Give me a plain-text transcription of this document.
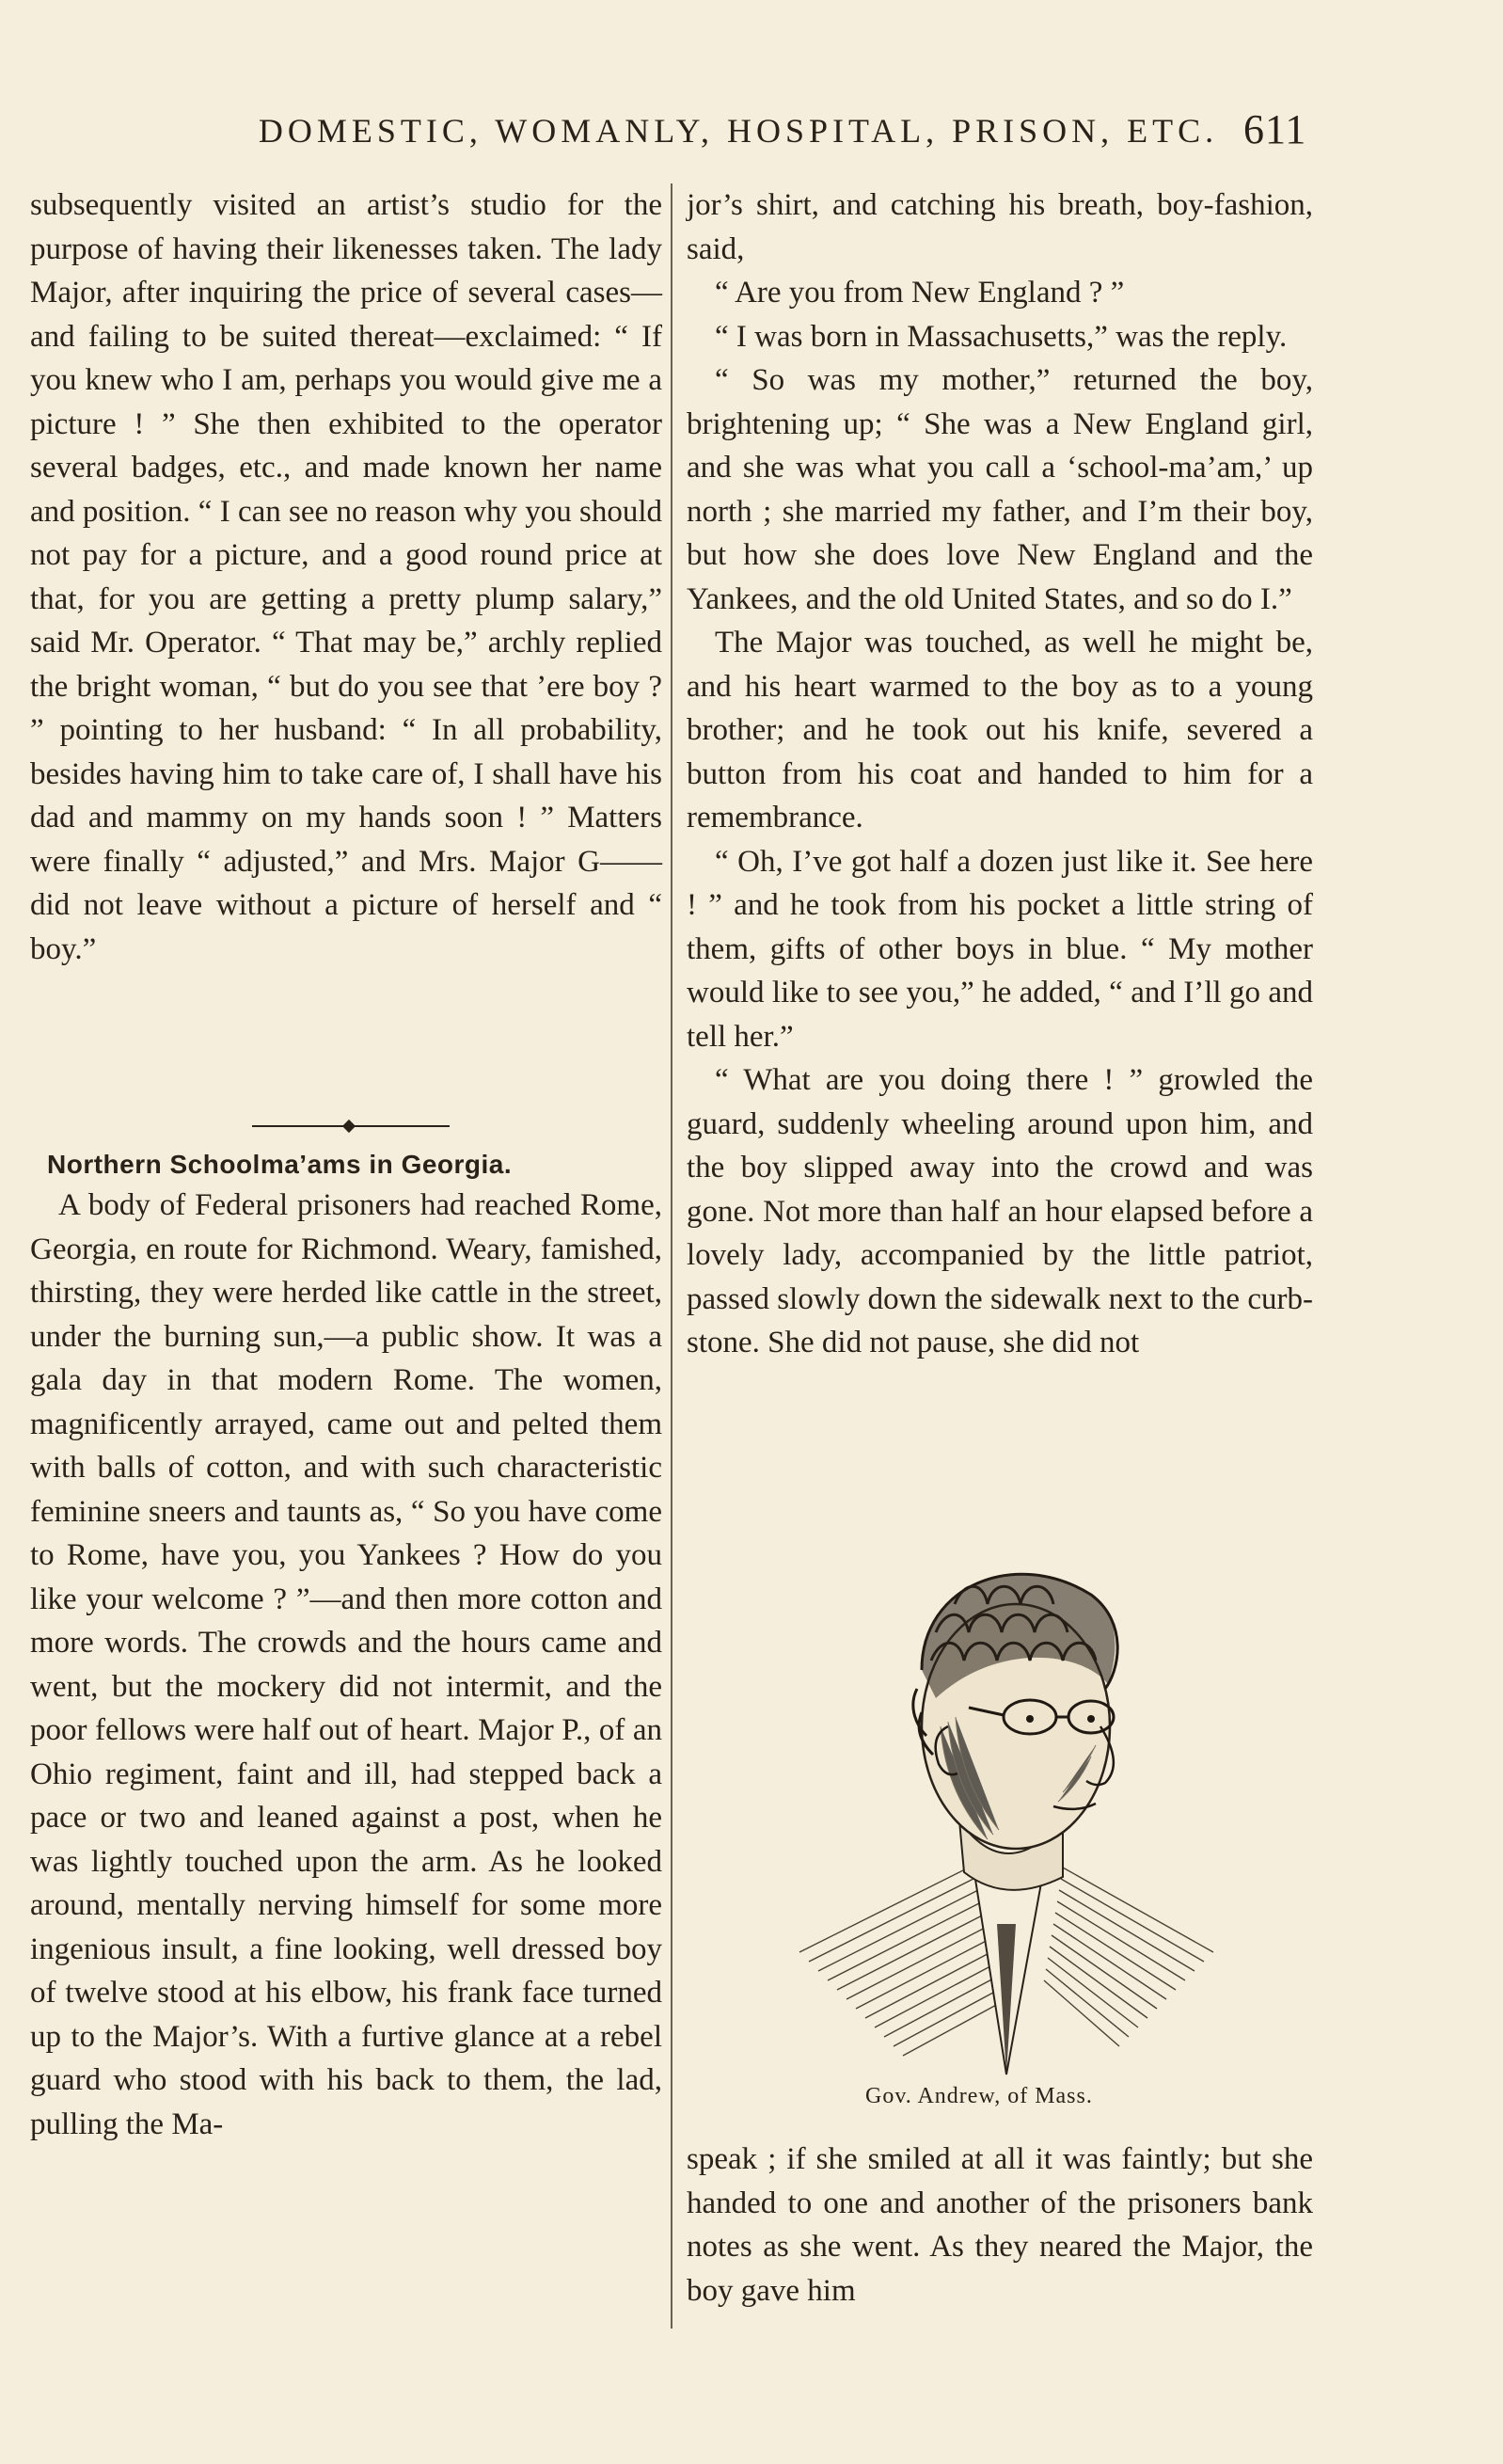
DOMESTIC, WOMANLY, HOSPITAL, PRISON, ETC. 611

subsequently visited an artist’s studio for the purpose of having their likenesses taken. The lady Major, after inquiring the price of several cases—and failing to be suited thereat—exclaimed: “ If you knew who I am, perhaps you would give me a picture ! ” She then exhibited to the operator several badges, etc., and made known her name and position. “ I can see no reason why you should not pay for a picture, and a good round price at that, for you are getting a pretty plump salary,” said Mr. Operator. “ That may be,” archly replied the bright woman, “ but do you see that ’ere boy ? ” pointing to her husband: “ In all probability, besides having him to take care of, I shall have his dad and mammy on my hands soon ! ” Matters were finally “ adjusted,” and Mrs. Major G—— did not leave without a picture of herself and “ boy.”

Northern Schoolma’ams in Georgia.

A body of Federal prisoners had reached Rome, Georgia, en route for Richmond. Weary, famished, thirsting, they were herded like cattle in the street, under the burning sun,—a public show. It was a gala day in that modern Rome. The women, magnificently arrayed, came out and pelted them with balls of cotton, and with such characteristic feminine sneers and taunts as, “ So you have come to Rome, have you, you Yankees ? How do you like your welcome ? ”—and then more cotton and more words. The crowds and the hours came and went, but the mockery did not intermit, and the poor fellows were half out of heart. Major P., of an Ohio regiment, faint and ill, had stepped back a pace or two and leaned against a post, when he was lightly touched upon the arm. As he looked around, mentally nerving himself for some more ingenious insult, a fine looking, well dressed boy of twelve stood at his elbow, his frank face turned up to the Major’s. With a furtive glance at a rebel guard who stood with his back to them, the lad, pulling the Ma-

jor’s shirt, and catching his breath, boy-fashion, said,

“ Are you from New England ? ”

“ I was born in Massachusetts,” was the reply.

“ So was my mother,” returned the boy, brightening up; “ She was a New England girl, and she was what you call a ‘school-ma’am,’ up north ; she married my father, and I’m their boy, but how she does love New England and the Yankees, and the old United States, and so do I.”

The Major was touched, as well he might be, and his heart warmed to the boy as to a young brother; and he took out his knife, severed a button from his coat and handed to him for a remembrance.

“ Oh, I’ve got half a dozen just like it. See here ! ” and he took from his pocket a little string of them, gifts of other boys in blue. “ My mother would like to see you,” he added, “ and I’ll go and tell her.”

“ What are you doing there ! ” growled the guard, suddenly wheeling around upon him, and the boy slipped away into the crowd and was gone. Not more than half an hour elapsed before a lovely lady, accompanied by the little patriot, passed slowly down the sidewalk next to the curb-stone. She did not pause, she did not

Gov. Andrew, of Mass.

speak ; if she smiled at all it was faintly; but she handed to one and another of the prisoners bank notes as she went. As they neared the Major, the boy gave him
